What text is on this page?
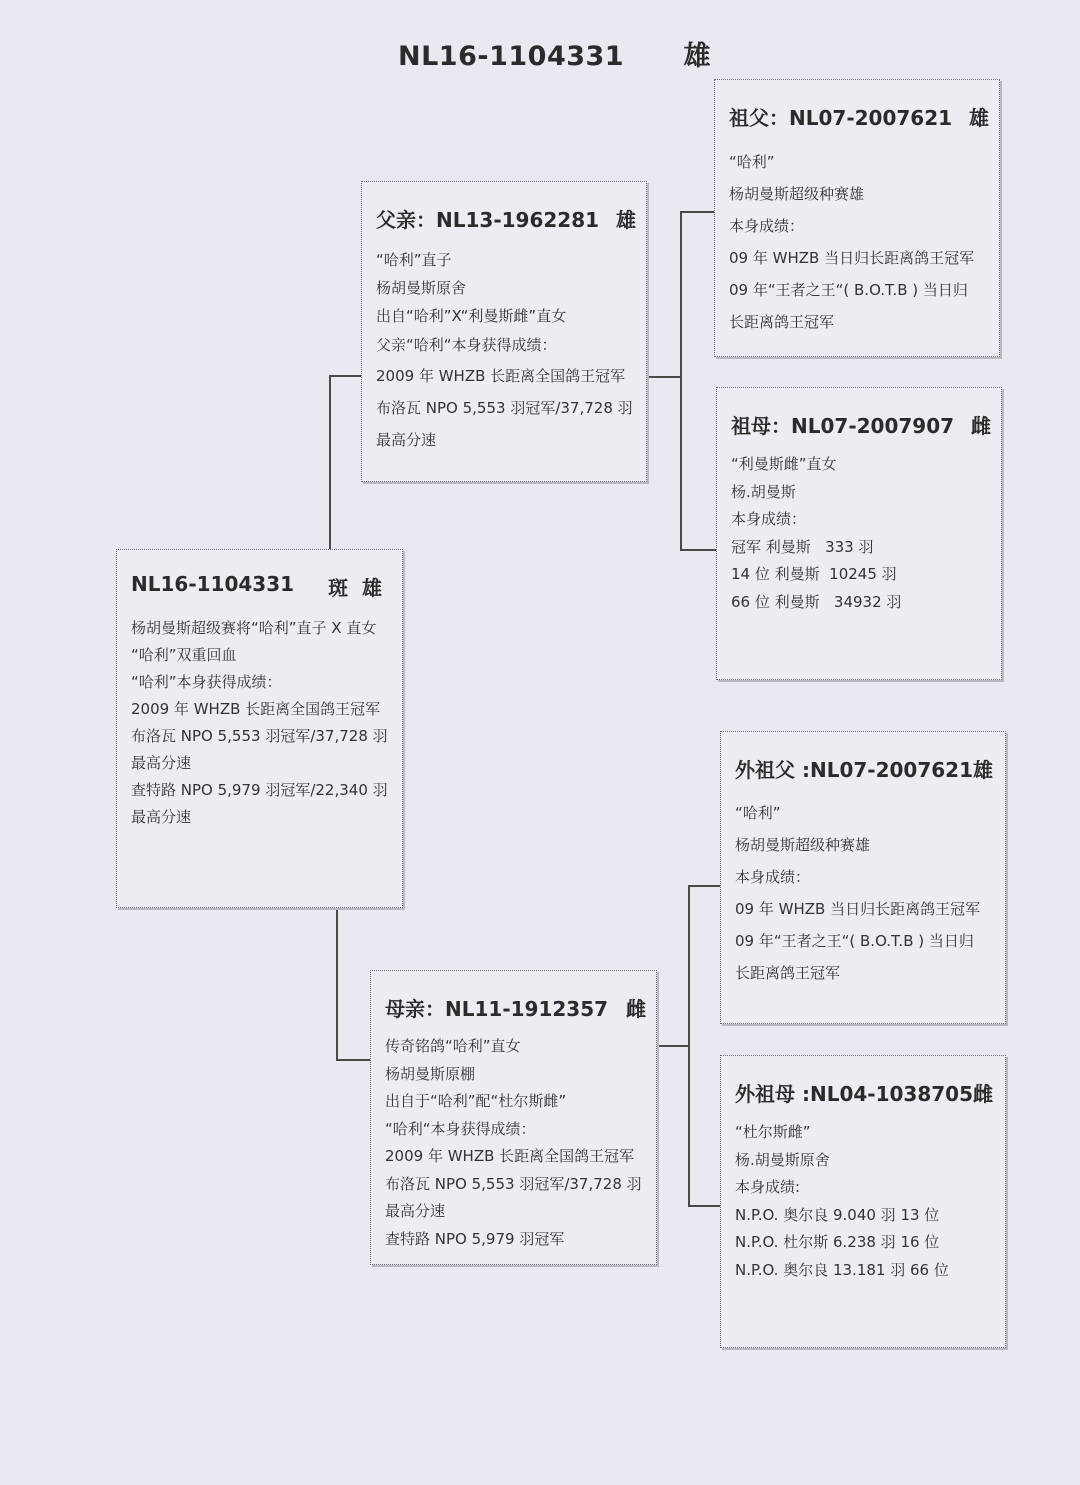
NL16-1104331 雄
NL16-1104331 斑  雄
杨胡曼斯超级赛将“哈利”直子 X 直女
“哈利”双重回血
“哈利”本身获得成绩：
2009 年 WHZB 长距离全国鸽王冠军
布洛瓦 NPO 5,553 羽冠军/37,728 羽
最高分速
查特路 NPO 5,979 羽冠军/22,340 羽
最高分速
父亲：NL13-1962281 雄
“哈利”直子
杨胡曼斯原舍
出自“哈利”X“利曼斯雌”直女
父亲“哈利“本身获得成绩：
2009 年 WHZB 长距离全国鸽王冠军
布洛瓦 NPO 5,553 羽冠军/37,728 羽
最高分速
母亲：NL11-1912357 雌
传奇铭鸽“哈利”直女
杨胡曼斯原棚
出自于“哈利”配“杜尔斯雌”
“哈利“本身获得成绩：
2009 年 WHZB 长距离全国鸽王冠军
布洛瓦 NPO 5,553 羽冠军/37,728 羽
最高分速
查特路 NPO 5,979 羽冠军
祖父：NL07-2007621 雄
“哈利”
杨胡曼斯超级种赛雄
本身成绩：
09 年 WHZB 当日归长距离鸽王冠军
09 年“王者之王“( B.O.T.B ) 当日归
长距离鸽王冠军
祖母：NL07-2007907 雌
“利曼斯雌”直女
杨.胡曼斯
本身成绩：
冠军 利曼斯   333 羽
14 位 利曼斯  10245 羽
66 位 利曼斯   34932 羽
外祖父 :NL07-2007621 雄
“哈利”
杨胡曼斯超级种赛雄
本身成绩：
09 年 WHZB 当日归长距离鸽王冠军
09 年“王者之王“( B.O.T.B ) 当日归
长距离鸽王冠军
外祖母 :NL04-1038705 雌
“杜尔斯雌”
杨.胡曼斯原舍
本身成绩:
N.P.O. 奥尔良 9.040 羽 13 位
N.P.O. 杜尔斯 6.238 羽 16 位
N.P.O. 奥尔良 13.181 羽 66 位
